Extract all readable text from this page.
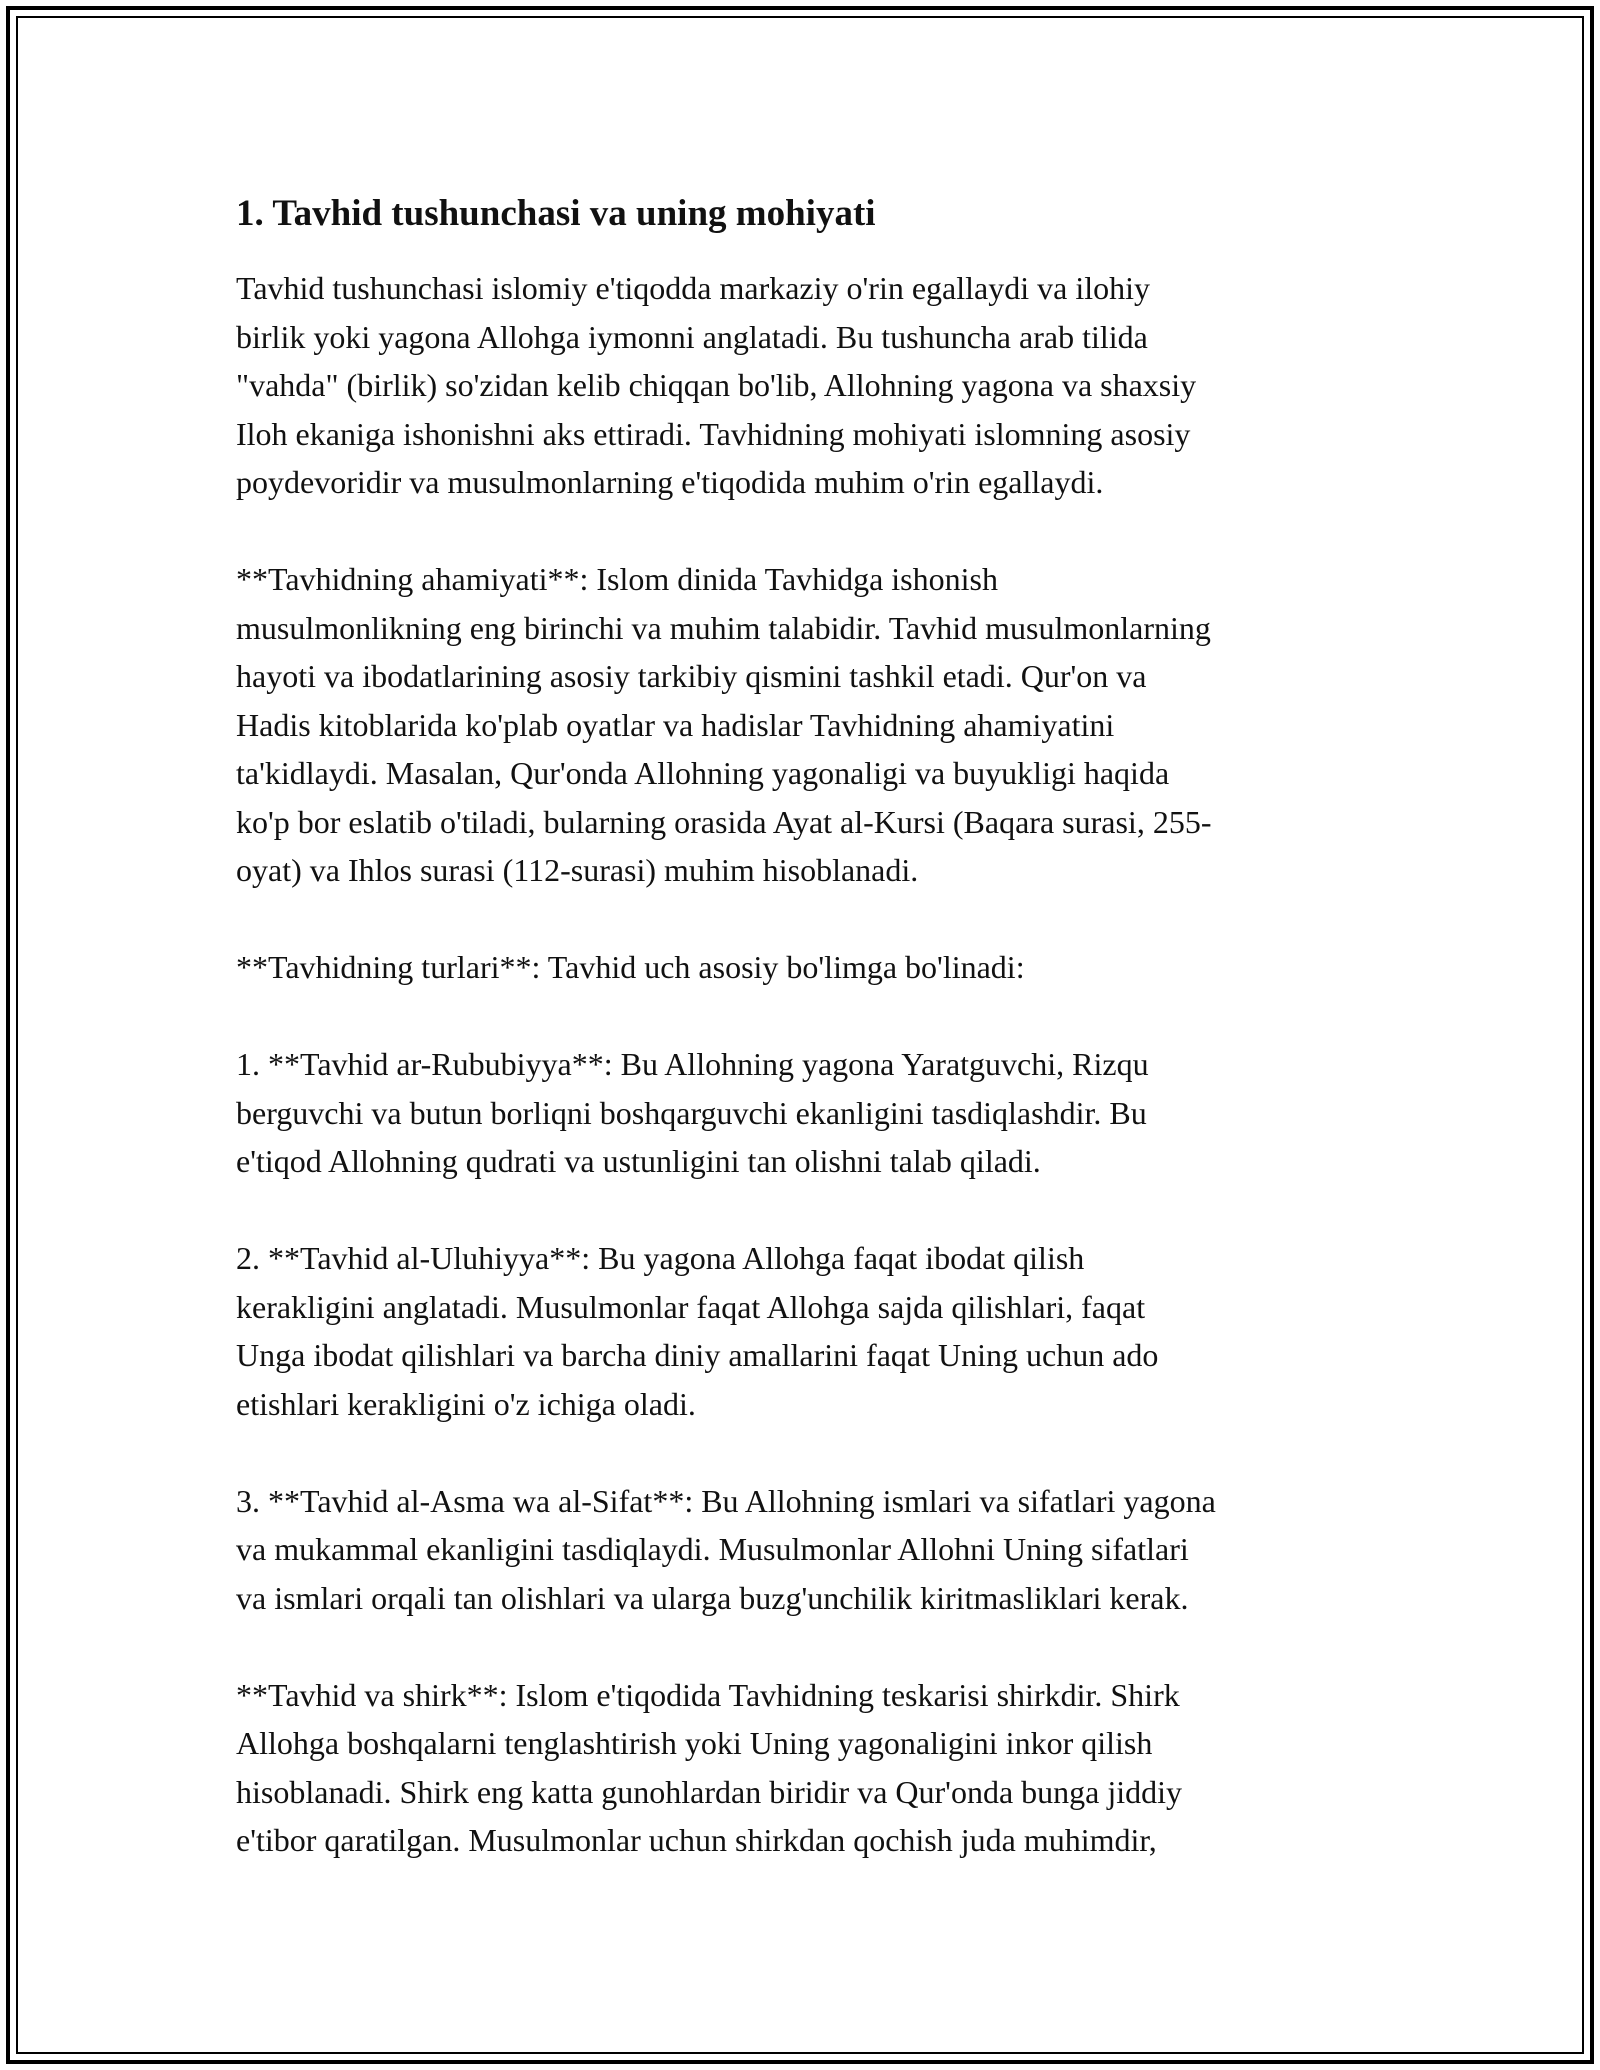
1. Tavhid tushunchasi va uning mohiyati
Tavhid tushunchasi islomiy e'tiqodda markaziy o'rin egallaydi va ilohiy
birlik yoki yagona Allohga iymonni anglatadi. Bu tushuncha arab tilida
"vahda" (birlik) so'zidan kelib chiqqan bo'lib, Allohning yagona va shaxsiy
Iloh ekaniga ishonishni aks ettiradi. Tavhidning mohiyati islomning asosiy
poydevoridir va musulmonlarning e'tiqodida muhim o'rin egallaydi.
**Tavhidning ahamiyati**: Islom dinida Tavhidga ishonish
musulmonlikning eng birinchi va muhim talabidir. Tavhid musulmonlarning
hayoti va ibodatlarining asosiy tarkibiy qismini tashkil etadi. Qur'on va
Hadis kitoblarida ko'plab oyatlar va hadislar Tavhidning ahamiyatini
ta'kidlaydi. Masalan, Qur'onda Allohning yagonaligi va buyukligi haqida
ko'p bor eslatib o'tiladi, bularning orasida Ayat al-Kursi (Baqara surasi, 255-
oyat) va Ihlos surasi (112-surasi) muhim hisoblanadi.
**Tavhidning turlari**: Tavhid uch asosiy bo'limga bo'linadi:
1. **Tavhid ar-Rububiyya**: Bu Allohning yagona Yaratguvchi, Rizqu
berguvchi va butun borliqni boshqarguvchi ekanligini tasdiqlashdir. Bu
e'tiqod Allohning qudrati va ustunligini tan olishni talab qiladi.
2. **Tavhid al-Uluhiyya**: Bu yagona Allohga faqat ibodat qilish
kerakligini anglatadi. Musulmonlar faqat Allohga sajda qilishlari, faqat
Unga ibodat qilishlari va barcha diniy amallarini faqat Uning uchun ado
etishlari kerakligini o'z ichiga oladi.
3. **Tavhid al-Asma wa al-Sifat**: Bu Allohning ismlari va sifatlari yagona
va mukammal ekanligini tasdiqlaydi. Musulmonlar Allohni Uning sifatlari
va ismlari orqali tan olishlari va ularga buzg'unchilik kiritmasliklari kerak.
**Tavhid va shirk**: Islom e'tiqodida Tavhidning teskarisi shirkdir. Shirk
Allohga boshqalarni tenglashtirish yoki Uning yagonaligini inkor qilish
hisoblanadi. Shirk eng katta gunohlardan biridir va Qur'onda bunga jiddiy
e'tibor qaratilgan. Musulmonlar uchun shirkdan qochish juda muhimdir,
